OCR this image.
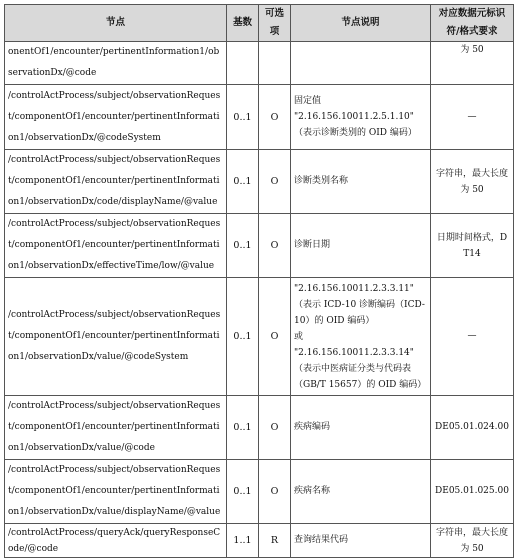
节点	基数	可选项	节点说明	对应数据元标识符/格式要求
onentOf1/encounter/pertinentInformation1/observationDx/@code				为 50
/controlActProcess/subject/observationRequest/componentOf1/encounter/pertinentInformation1/observationDx/@codeSystem	0..1	O	固定值
"2.16.156.10011.2.5.1.10"
（表示诊断类别的 OID 编码）	—
/controlActProcess/subject/observationRequest/componentOf1/encounter/pertinentInformation1/observationDx/code/displayName/@value	0..1	O	诊断类别名称	字符串，最大长度为 50
/controlActProcess/subject/observationRequest/componentOf1/encounter/pertinentInformation1/observationDx/effectiveTime/low/@value	0..1	O	诊断日期	日期时间格式，DT14
/controlActProcess/subject/observationRequest/componentOf1/encounter/pertinentInformation1/observationDx/value/@codeSystem	0..1	O	"2.16.156.10011.2.3.3.11"
（表示 ICD-10 诊断编码（ICD-10）的 OID 编码）
或
"2.16.156.10011.2.3.3.14"
（表示中医病证分类与代码表（GB/T 15657）的 OID 编码）	—
/controlActProcess/subject/observationRequest/componentOf1/encounter/pertinentInformation1/observationDx/value/@code	0..1	O	疾病编码	DE05.01.024.00
/controlActProcess/subject/observationRequest/componentOf1/encounter/pertinentInformation1/observationDx/value/displayName/@value	0..1	O	疾病名称	DE05.01.025.00
/controlActProcess/queryAck/queryResponseCode/@code	1..1	R	查询结果代码	字符串，最大长度为 50
